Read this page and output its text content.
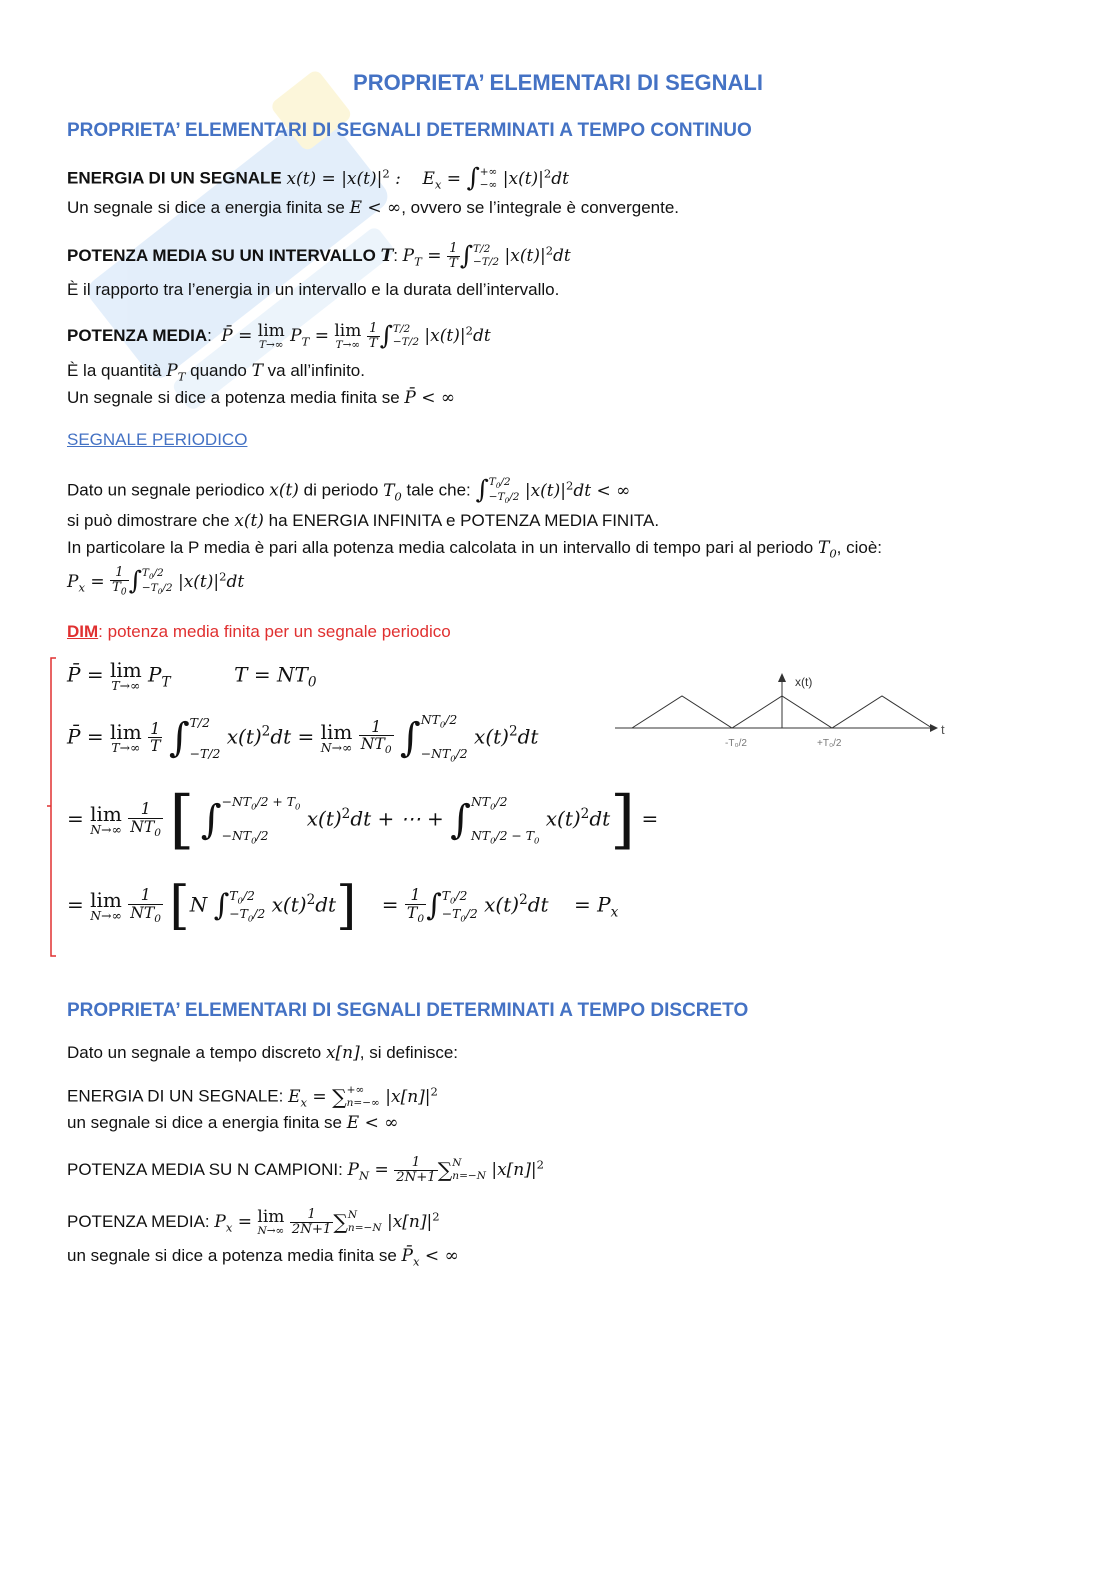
PROPRIETA’ ELEMENTARI DI SEGNALI
PROPRIETA’ ELEMENTARI DI SEGNALI DETERMINATI A TEMPO CONTINUO
ENERGIA DI UN SEGNALE $x(t) = |x(t)|^2$ :    $E_x$ = ∫ +∞
−∞ $|x(t)|^2dt$
Un segnale si dice a energia finita se E < ∞, ovvero se l’integrale è convergente.
POTENZA MEDIA SU UN INTERVALLO T: $P_T = \frac{1}{T}$ ∫ T/2
−T/2 $|x(t)|^2dt$
È il rapporto tra l’energia in un intervallo e la durata dell’intervallo.
POTENZA MEDIA:  P̄ = lim
T→∞ $P_T = \lim$
T→∞
$\frac{1}{T}$ ∫ T/2
−T/2 $|x(t)|^2dt$
È la quantità $P_T$ quando T va all’infinito.
Un segnale si dice a potenza media finita se P̄ < ∞
SEGNALE PERIODICO
Dato un segnale periodico x(t) di periodo $T_0$ tale che: ∫ $T_0/2$
$-T_0/2$ $|x(t)|^2dt$ < ∞
si può dimostrare che x(t) ha ENERGIA INFINITA e POTENZA MEDIA FINITA.
In particolare la P media è pari alla potenza media calcolata in un intervallo di tempo pari al periodo $T_0$, cioè:
$P_x = \frac{1}{T_0}$ ∫ $T_0/2$
$-T_0/2$ $|x(t)|^2dt$
DIM: potenza media finita per un segnale periodico
P̄ = lim
T→∞ $P_T$          $T = NT_0$
P̄ = lim
T→∞
$\frac{1}{T}$ ∫ T/2

−T/2
$x(t)^2dt = \lim$
N→∞
$\frac{1}{NT_0}$ ∫ $NT_0/2$

$-NT_0/2$
$x(t)^2dt$
= lim
N→∞
$\frac{1}{NT_0}$ [ ∫ $-NT_0/2 + T_0$

$-NT_0/2$
$x(t)^2dt$ + ⋯ + ∫ $NT_0/2$

$NT_0/2 - T_0$
$x(t)^2dt$] =
= lim
N→∞
$\frac{1}{NT_0} [N$ ∫ $T_0/2$
$-T_0/2$ $x(t)^2dt$]    = $\frac{1}{T_0}$ ∫ $T_0/2$
$-T_0/2$ $x(t)^2dt$    = $P_x$
x(t)
t
-T₀/2	+T₀/2
PROPRIETA’ ELEMENTARI DI SEGNALI DETERMINATI A TEMPO DISCRETO
Dato un segnale a tempo discreto x[n], si definisce:
ENERGIA DI UN SEGNALE: $E_x$ = ∑ +∞
n=−∞ $|x[n]|^2$
un segnale si dice a energia finita se E < ∞
POTENZA MEDIA SU N CAMPIONI: $P_N = \frac{1}{2N+1}$ ∑ N
n=−N $|x[n]|^2$
POTENZA MEDIA: $P_x = \lim$
N→∞
$\frac{1}{2N+1}$ ∑ N
n=−N $|x[n]|^2$
un segnale si dice a potenza media finita se $P̄_x$ < ∞
